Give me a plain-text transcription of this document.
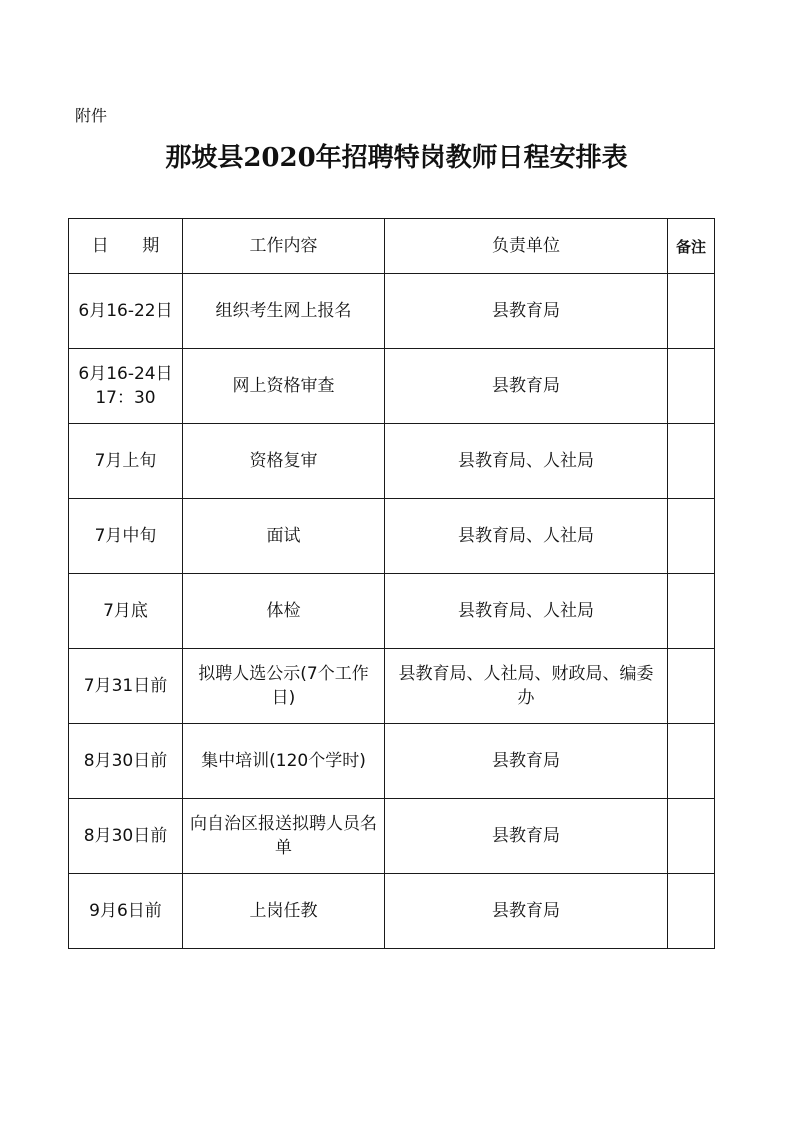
附件
那坡县2020年招聘特岗教师日程安排表
日 期	工作内容	负责单位	备注
6月16-22日	组织考生网上报名	县教育局	
6月16-24日 17：30	网上资格审查	县教育局	
7月上旬	资格复审	县教育局、人社局	
7月中旬	面试	县教育局、人社局	
7月底	体检	县教育局、人社局	
7月31日前	拟聘人选公示(7个工作日)	县教育局、人社局、财政局、编委办	
8月30日前	集中培训(120个学时)	县教育局	
8月30日前	向自治区报送拟聘人员名单	县教育局	
9月6日前	上岗任教	县教育局	
